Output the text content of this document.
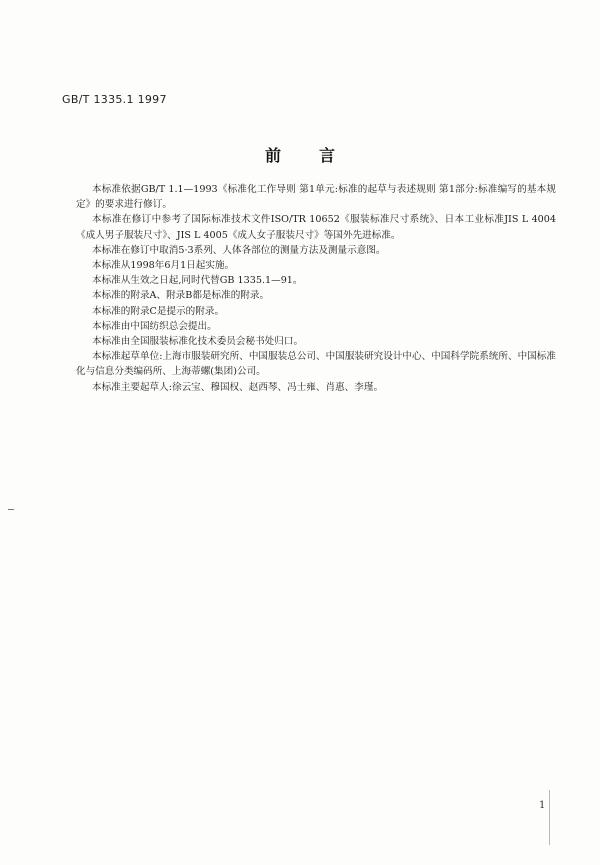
GB/T 1335.1 1997
前言

本标准依据GB/T 1.1—1993《标准化工作导则 第1单元:标准的起草与表述规则 第1部分:标准编写的基本规定》的要求进行修订。

本标准在修订中参考了国际标准技术文件ISO/TR 10652《服装标准尺寸系统》、日本工业标准JIS L 4004《成人男子服装尺寸》、JIS L 4005《成人女子服装尺寸》等国外先进标准。

本标准在修订中取消5·3系列、人体各部位的测量方法及测量示意图。

本标准从1998年6月1日起实施。

本标准从生效之日起,同时代替GB 1335.1—91。

本标准的附录A、附录B都是标准的附录。

本标准的附录C是提示的附录。

本标准由中国纺织总会提出。

本标准由全国服装标准化技术委员会秘书处归口。

本标准起草单位:上海市服装研究所、中国服装总公司、中国服装研究设计中心、中国科学院系统所、中国标准化与信息分类编码所、上海蒂螺(集团)公司。

本标准主要起草人:徐云宝、穆国权、赵西琴、冯士雍、肖惠、李瑾。

1
